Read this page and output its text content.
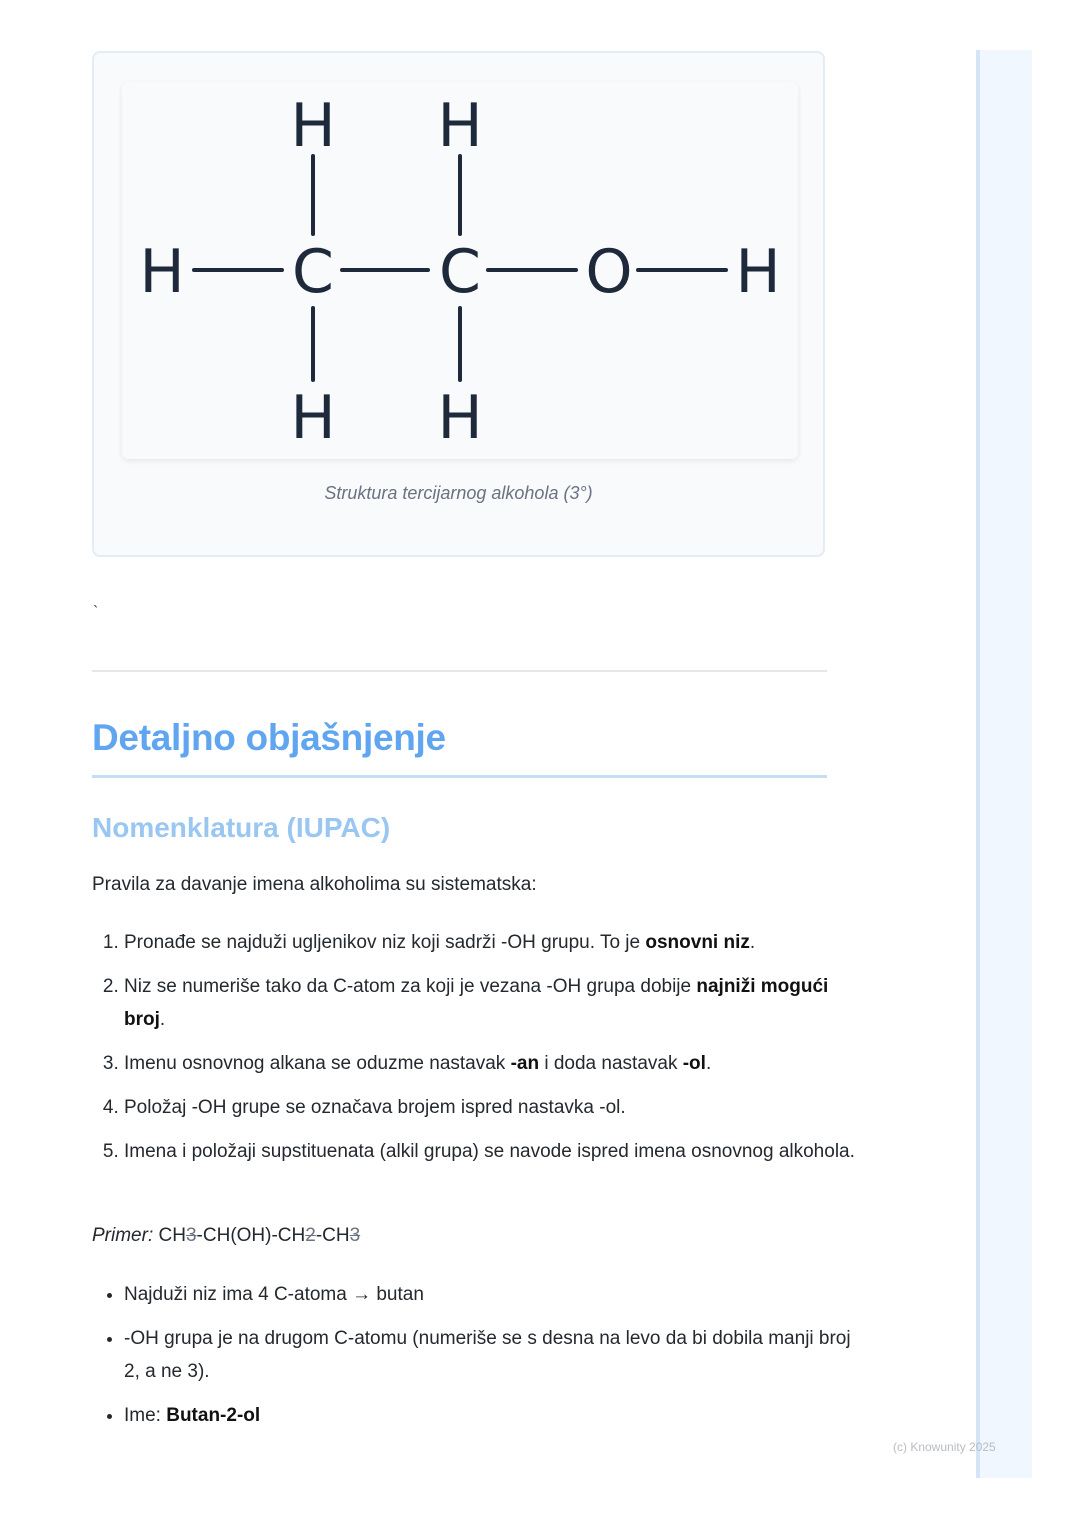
H C C O H
H
H
H
H
Struktura tercijarnog alkohola (3°)
`
Detaljno objašnjenje
Nomenklatura (IUPAC)

Pravila za davanje imena alkoholima su sistematska:

1. Pronađe se najduži ugljenikov niz koji sadrži -OH grupu. To je osnovni niz.
2. Niz se numeriše tako da C-atom za koji je vezana -OH grupa dobije najniži mogući broj.
3. Imenu osnovnog alkana se oduzme nastavak -an i doda nastavak -ol.
4. Položaj -OH grupe se označava brojem ispred nastavka -ol.
5. Imena i položaji supstituenata (alkil grupa) se navode ispred imena osnovnog alkohola.
Primer: CH3-CH(OH)-CH2-CH3
• Najduži niz ima 4 C-atoma → butan
• -OH grupa je na drugom C-atomu (numeriše se s desna na levo da bi dobila manji broj 2, a ne 3).
• Ime: Butan-2-ol
(c) Knowunity 2025
